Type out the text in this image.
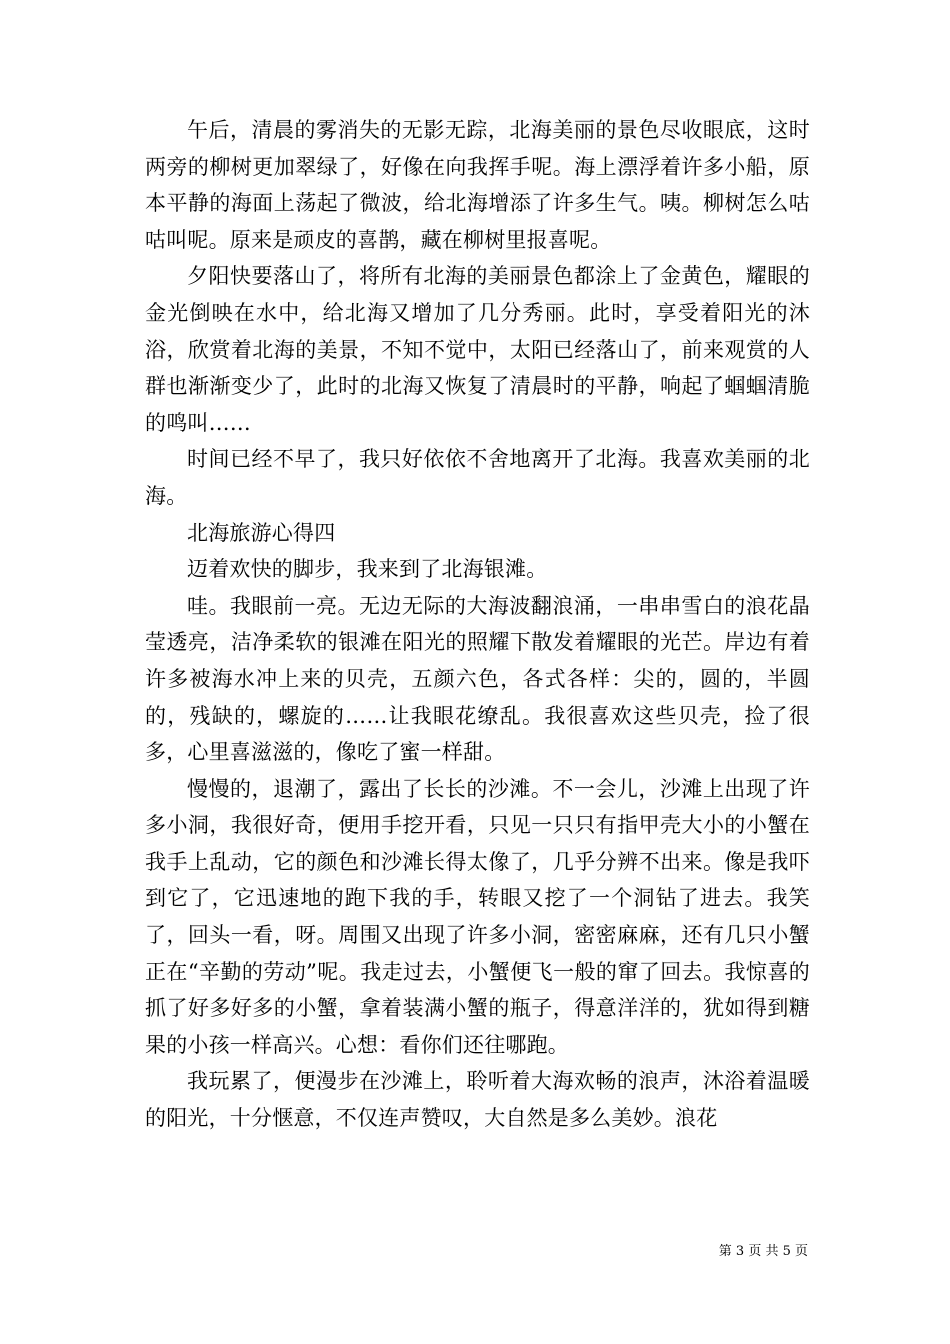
午后，清晨的雾消失的无影无踪，北海美丽的景色尽收眼底，这时两旁的柳树更加翠绿了，好像在向我挥手呢。海上漂浮着许多小船，原本平静的海面上荡起了微波，给北海增添了许多生气。咦。柳树怎么咕咕叫呢。原来是顽皮的喜鹊，藏在柳树里报喜呢。

夕阳快要落山了，将所有北海的美丽景色都涂上了金黄色，耀眼的金光倒映在水中，给北海又增加了几分秀丽。此时，享受着阳光的沐浴，欣赏着北海的美景，不知不觉中，太阳已经落山了，前来观赏的人群也渐渐变少了，此时的北海又恢复了清晨时的平静，响起了蝈蝈清脆的鸣叫……

时间已经不早了，我只好依依不舍地离开了北海。我喜欢美丽的北海。

北海旅游心得四

迈着欢快的脚步，我来到了北海银滩。

哇。我眼前一亮。无边无际的大海波翻浪涌，一串串雪白的浪花晶莹透亮，洁净柔软的银滩在阳光的照耀下散发着耀眼的光芒。岸边有着许多被海水冲上来的贝壳，五颜六色，各式各样：尖的，圆的，半圆的，残缺的，螺旋的……让我眼花缭乱。我很喜欢这些贝壳，捡了很多，心里喜滋滋的，像吃了蜜一样甜。

慢慢的，退潮了，露出了长长的沙滩。不一会儿，沙滩上出现了许多小洞，我很好奇，便用手挖开看，只见一只只有指甲壳大小的小蟹在我手上乱动，它的颜色和沙滩长得太像了，几乎分辨不出来。像是我吓到它了，它迅速地的跑下我的手，转眼又挖了一个洞钻了进去。我笑了，回头一看，呀。周围又出现了许多小洞，密密麻麻，还有几只小蟹正在“辛勤的劳动”呢。我走过去，小蟹便飞一般的窜了回去。我惊喜的抓了好多好多的小蟹，拿着装满小蟹的瓶子，得意洋洋的，犹如得到糖果的小孩一样高兴。心想：看你们还往哪跑。

我玩累了，便漫步在沙滩上，聆听着大海欢畅的浪声，沐浴着温暖的阳光，十分惬意，不仅连声赞叹，大自然是多么美妙。浪花

第 3 页 共 5 页
